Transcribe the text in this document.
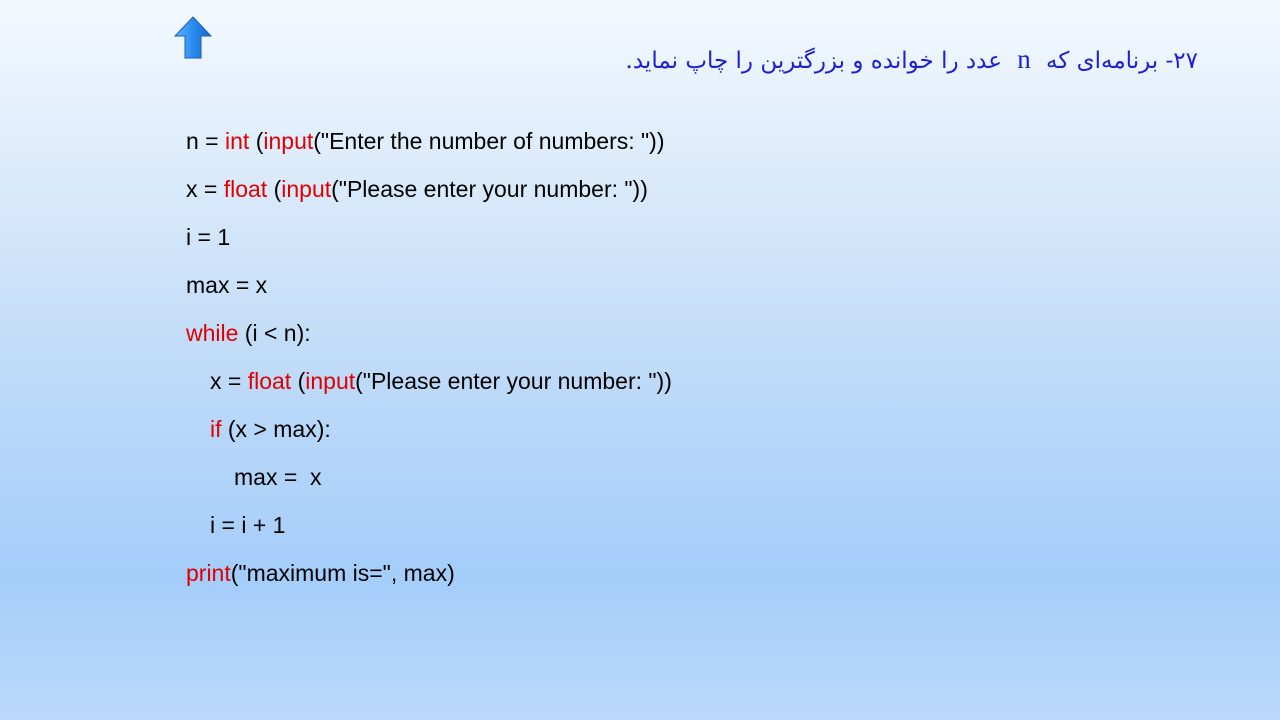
۲۷- برنامه‌ای که n عدد را خوانده و بزرگترین را چاپ نماید.
n = int (input("Enter the number of numbers: "))
x = float (input("Please enter your number: "))
i = 1
max = x
while (i < n):
x = float (input("Please enter your number: "))
if (x > max):
max =  x
i = i + 1
print("maximum is=", max)
